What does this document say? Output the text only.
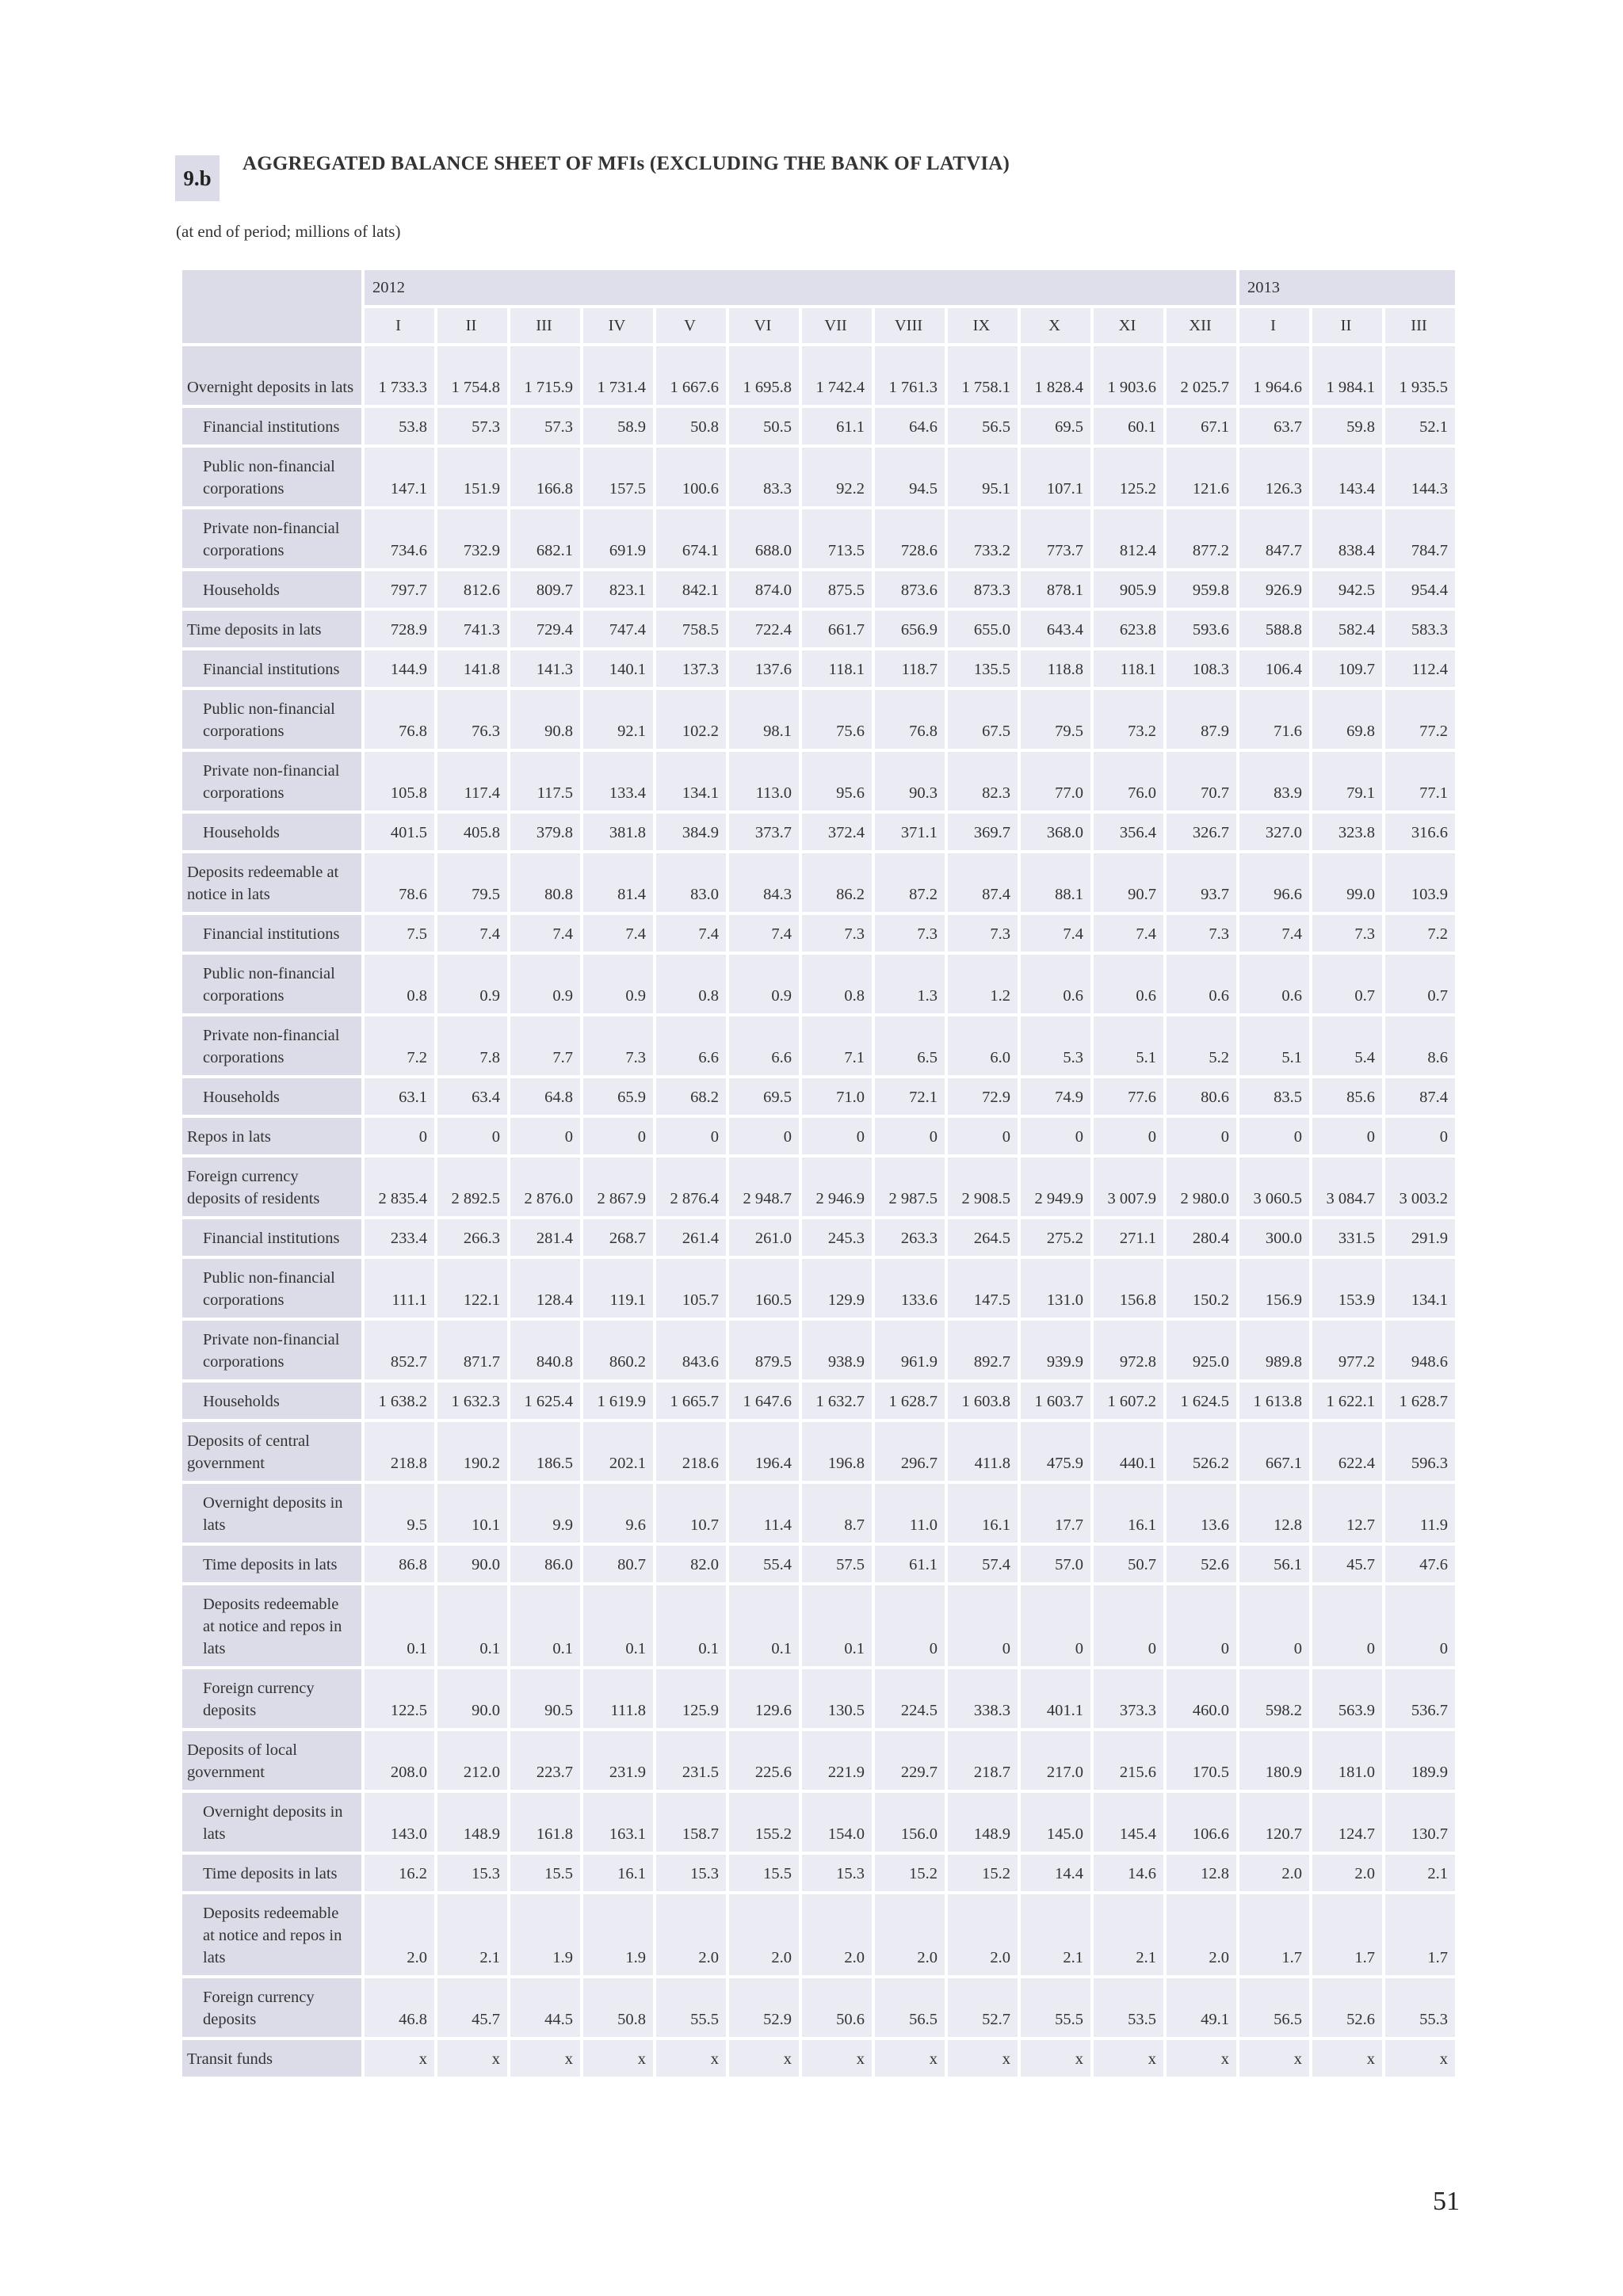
9.b
AGGREGATED BALANCE SHEET OF MFIs (EXCLUDING THE BANK OF LATVIA)
(at end of period; millions of lats)
	2012												2013		
	I	II	III	IV	V	VI	VII	VIII	IX	X	XI	XII	I	II	III
Overnight deposits in lats	1 733.3	1 754.8	1 715.9	1 731.4	1 667.6	1 695.8	1 742.4	1 761.3	1 758.1	1 828.4	1 903.6	2 025.7	1 964.6	1 984.1	1 935.5
Financial institutions	53.8	57.3	57.3	58.9	50.8	50.5	61.1	64.6	56.5	69.5	60.1	67.1	63.7	59.8	52.1
Public non-financial corporations	147.1	151.9	166.8	157.5	100.6	83.3	92.2	94.5	95.1	107.1	125.2	121.6	126.3	143.4	144.3
Private non-financial corporations	734.6	732.9	682.1	691.9	674.1	688.0	713.5	728.6	733.2	773.7	812.4	877.2	847.7	838.4	784.7
Households	797.7	812.6	809.7	823.1	842.1	874.0	875.5	873.6	873.3	878.1	905.9	959.8	926.9	942.5	954.4
Time deposits in lats	728.9	741.3	729.4	747.4	758.5	722.4	661.7	656.9	655.0	643.4	623.8	593.6	588.8	582.4	583.3
Financial institutions	144.9	141.8	141.3	140.1	137.3	137.6	118.1	118.7	135.5	118.8	118.1	108.3	106.4	109.7	112.4
Public non-financial corporations	76.8	76.3	90.8	92.1	102.2	98.1	75.6	76.8	67.5	79.5	73.2	87.9	71.6	69.8	77.2
Private non-financial corporations	105.8	117.4	117.5	133.4	134.1	113.0	95.6	90.3	82.3	77.0	76.0	70.7	83.9	79.1	77.1
Households	401.5	405.8	379.8	381.8	384.9	373.7	372.4	371.1	369.7	368.0	356.4	326.7	327.0	323.8	316.6
Deposits redeemable at notice in lats	78.6	79.5	80.8	81.4	83.0	84.3	86.2	87.2	87.4	88.1	90.7	93.7	96.6	99.0	103.9
Financial institutions	7.5	7.4	7.4	7.4	7.4	7.4	7.3	7.3	7.3	7.4	7.4	7.3	7.4	7.3	7.2
Public non-financial corporations	0.8	0.9	0.9	0.9	0.8	0.9	0.8	1.3	1.2	0.6	0.6	0.6	0.6	0.7	0.7
Private non-financial corporations	7.2	7.8	7.7	7.3	6.6	6.6	7.1	6.5	6.0	5.3	5.1	5.2	5.1	5.4	8.6
Households	63.1	63.4	64.8	65.9	68.2	69.5	71.0	72.1	72.9	74.9	77.6	80.6	83.5	85.6	87.4
Repos in lats	0	0	0	0	0	0	0	0	0	0	0	0	0	0	0
Foreign currency deposits of residents	2 835.4	2 892.5	2 876.0	2 867.9	2 876.4	2 948.7	2 946.9	2 987.5	2 908.5	2 949.9	3 007.9	2 980.0	3 060.5	3 084.7	3 003.2
Financial institutions	233.4	266.3	281.4	268.7	261.4	261.0	245.3	263.3	264.5	275.2	271.1	280.4	300.0	331.5	291.9
Public non-financial corporations	111.1	122.1	128.4	119.1	105.7	160.5	129.9	133.6	147.5	131.0	156.8	150.2	156.9	153.9	134.1
Private non-financial corporations	852.7	871.7	840.8	860.2	843.6	879.5	938.9	961.9	892.7	939.9	972.8	925.0	989.8	977.2	948.6
Households	1 638.2	1 632.3	1 625.4	1 619.9	1 665.7	1 647.6	1 632.7	1 628.7	1 603.8	1 603.7	1 607.2	1 624.5	1 613.8	1 622.1	1 628.7
Deposits of central government	218.8	190.2	186.5	202.1	218.6	196.4	196.8	296.7	411.8	475.9	440.1	526.2	667.1	622.4	596.3
Overnight deposits in lats	9.5	10.1	9.9	9.6	10.7	11.4	8.7	11.0	16.1	17.7	16.1	13.6	12.8	12.7	11.9
Time deposits in lats	86.8	90.0	86.0	80.7	82.0	55.4	57.5	61.1	57.4	57.0	50.7	52.6	56.1	45.7	47.6
Deposits redeemable at notice and repos in lats	0.1	0.1	0.1	0.1	0.1	0.1	0.1	0	0	0	0	0	0	0	0
Foreign currency deposits	122.5	90.0	90.5	111.8	125.9	129.6	130.5	224.5	338.3	401.1	373.3	460.0	598.2	563.9	536.7
Deposits of local government	208.0	212.0	223.7	231.9	231.5	225.6	221.9	229.7	218.7	217.0	215.6	170.5	180.9	181.0	189.9
Overnight deposits in lats	143.0	148.9	161.8	163.1	158.7	155.2	154.0	156.0	148.9	145.0	145.4	106.6	120.7	124.7	130.7
Time deposits in lats	16.2	15.3	15.5	16.1	15.3	15.5	15.3	15.2	15.2	14.4	14.6	12.8	2.0	2.0	2.1
Deposits redeemable at notice and repos in lats	2.0	2.1	1.9	1.9	2.0	2.0	2.0	2.0	2.0	2.1	2.1	2.0	1.7	1.7	1.7
Foreign currency deposits	46.8	45.7	44.5	50.8	55.5	52.9	50.6	56.5	52.7	55.5	53.5	49.1	56.5	52.6	55.3
Transit funds	x	x	x	x	x	x	x	x	x	x	x	x	x	x	x
51
